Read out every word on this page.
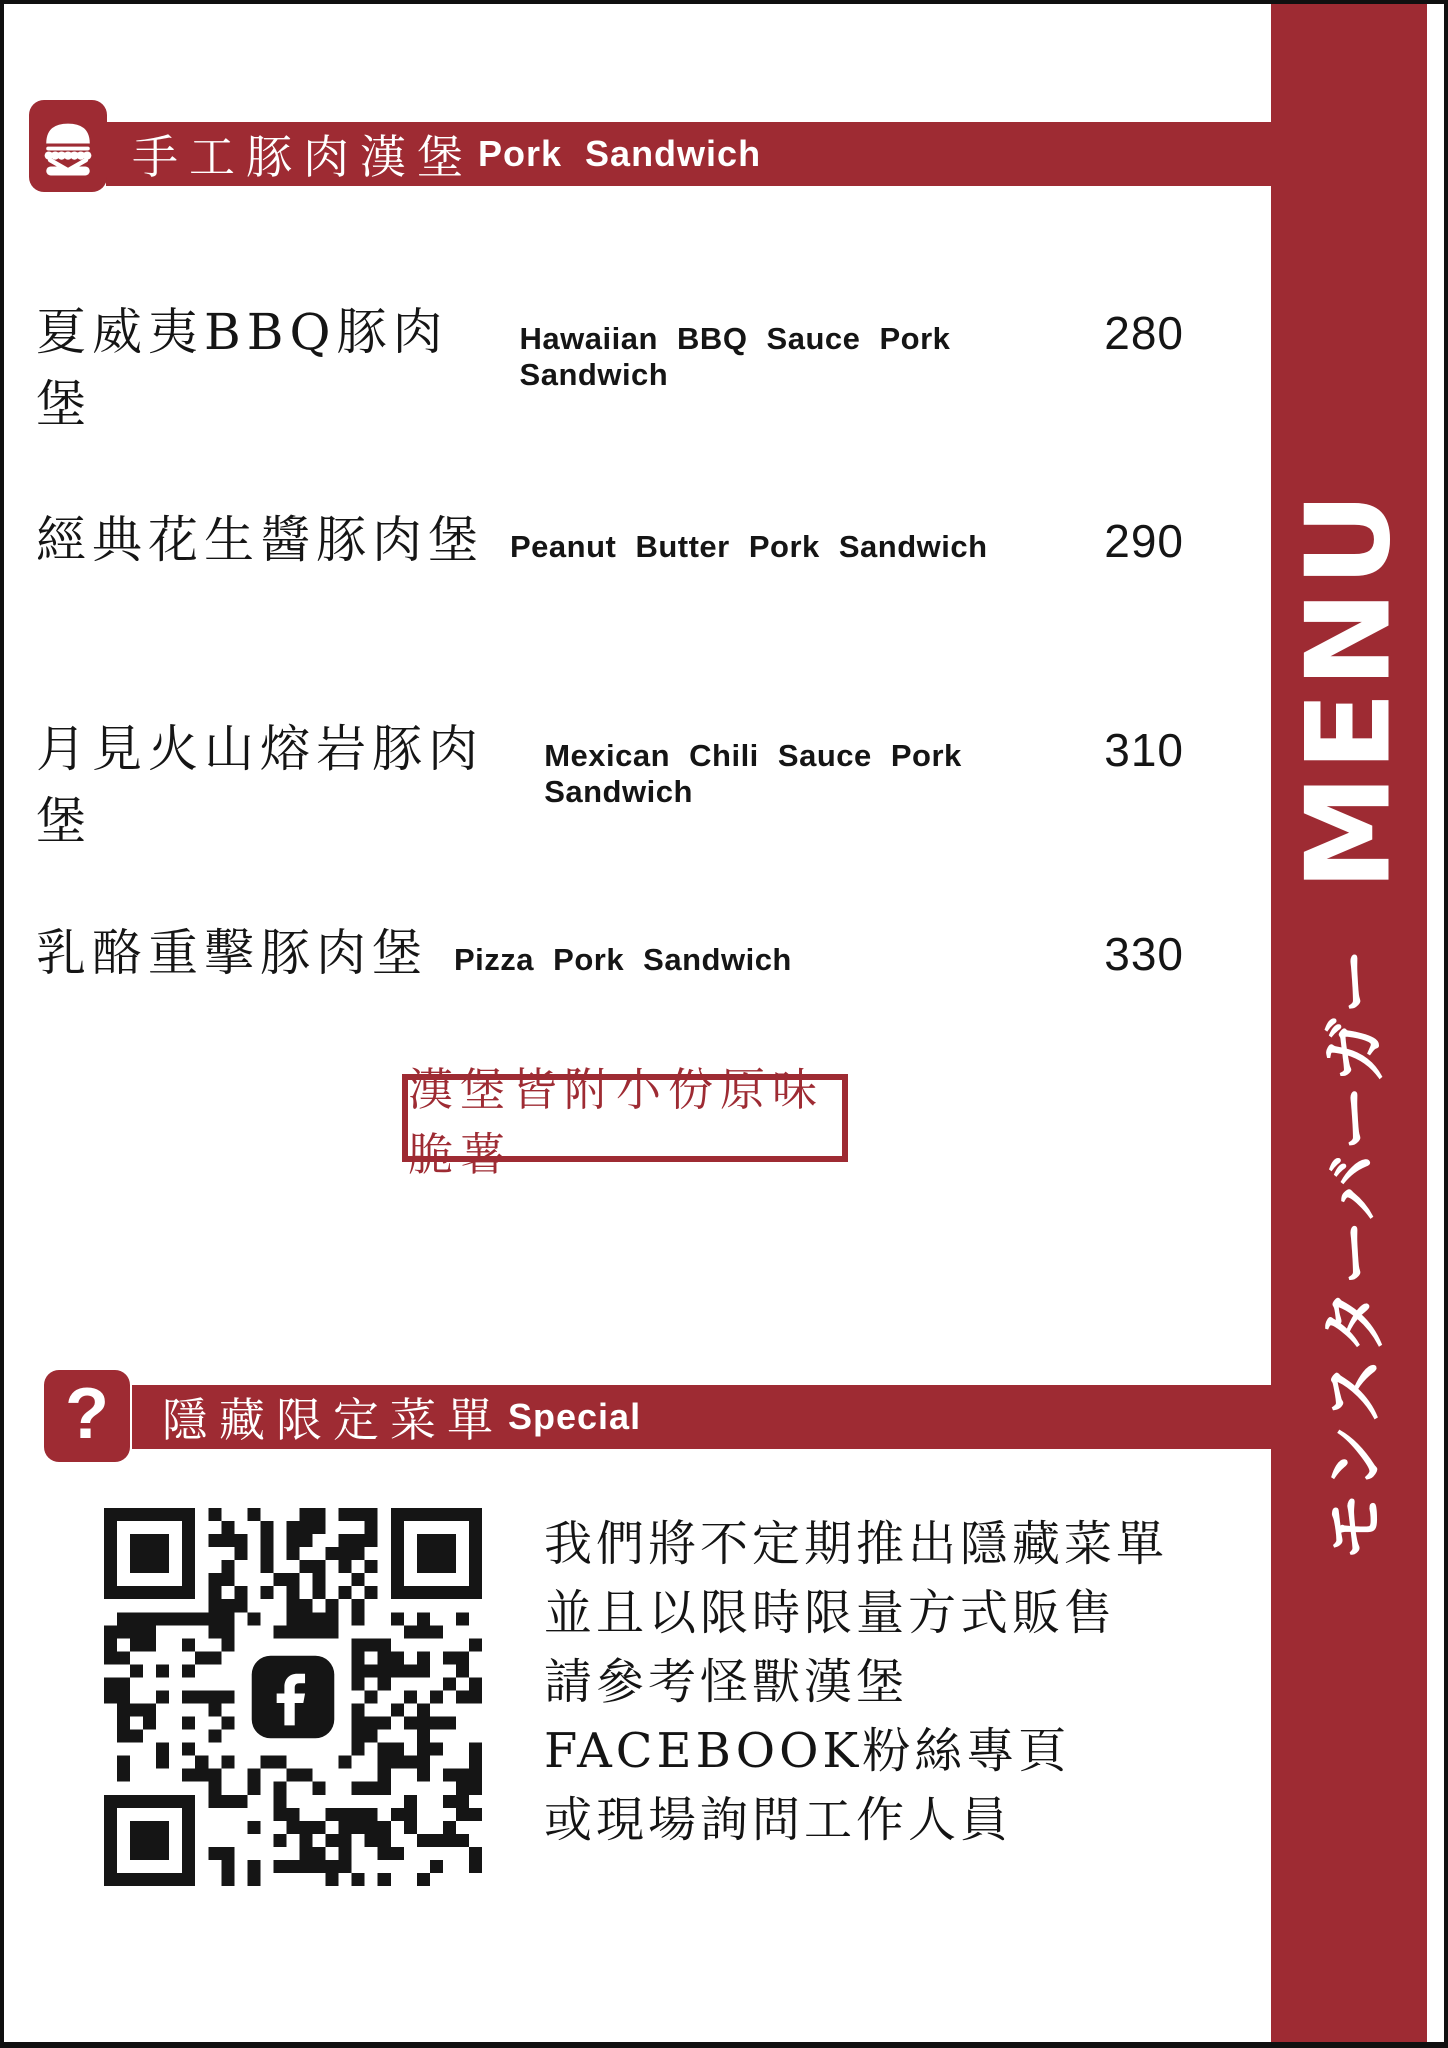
モンスターバーガー
MENU
手工豚肉漢堡 Pork Sandwich
夏威夷BBQ豚肉堡
Hawaiian BBQ Sauce Pork Sandwich
280
經典花生醬豚肉堡 Peanut Butter Pork Sandwich	290
月見火山熔岩豚肉堡
Mexican Chili Sauce Pork Sandwich
310
乳酪重擊豚肉堡 Pizza Pork Sandwich	330
漢堡皆附小份原味脆薯
隱藏限定菜單 Special
?
我們將不定期推出隱藏菜單
並且以限時限量方式販售
請參考怪獸漢堡
FACEBOOK粉絲專頁
或現場詢問工作人員
